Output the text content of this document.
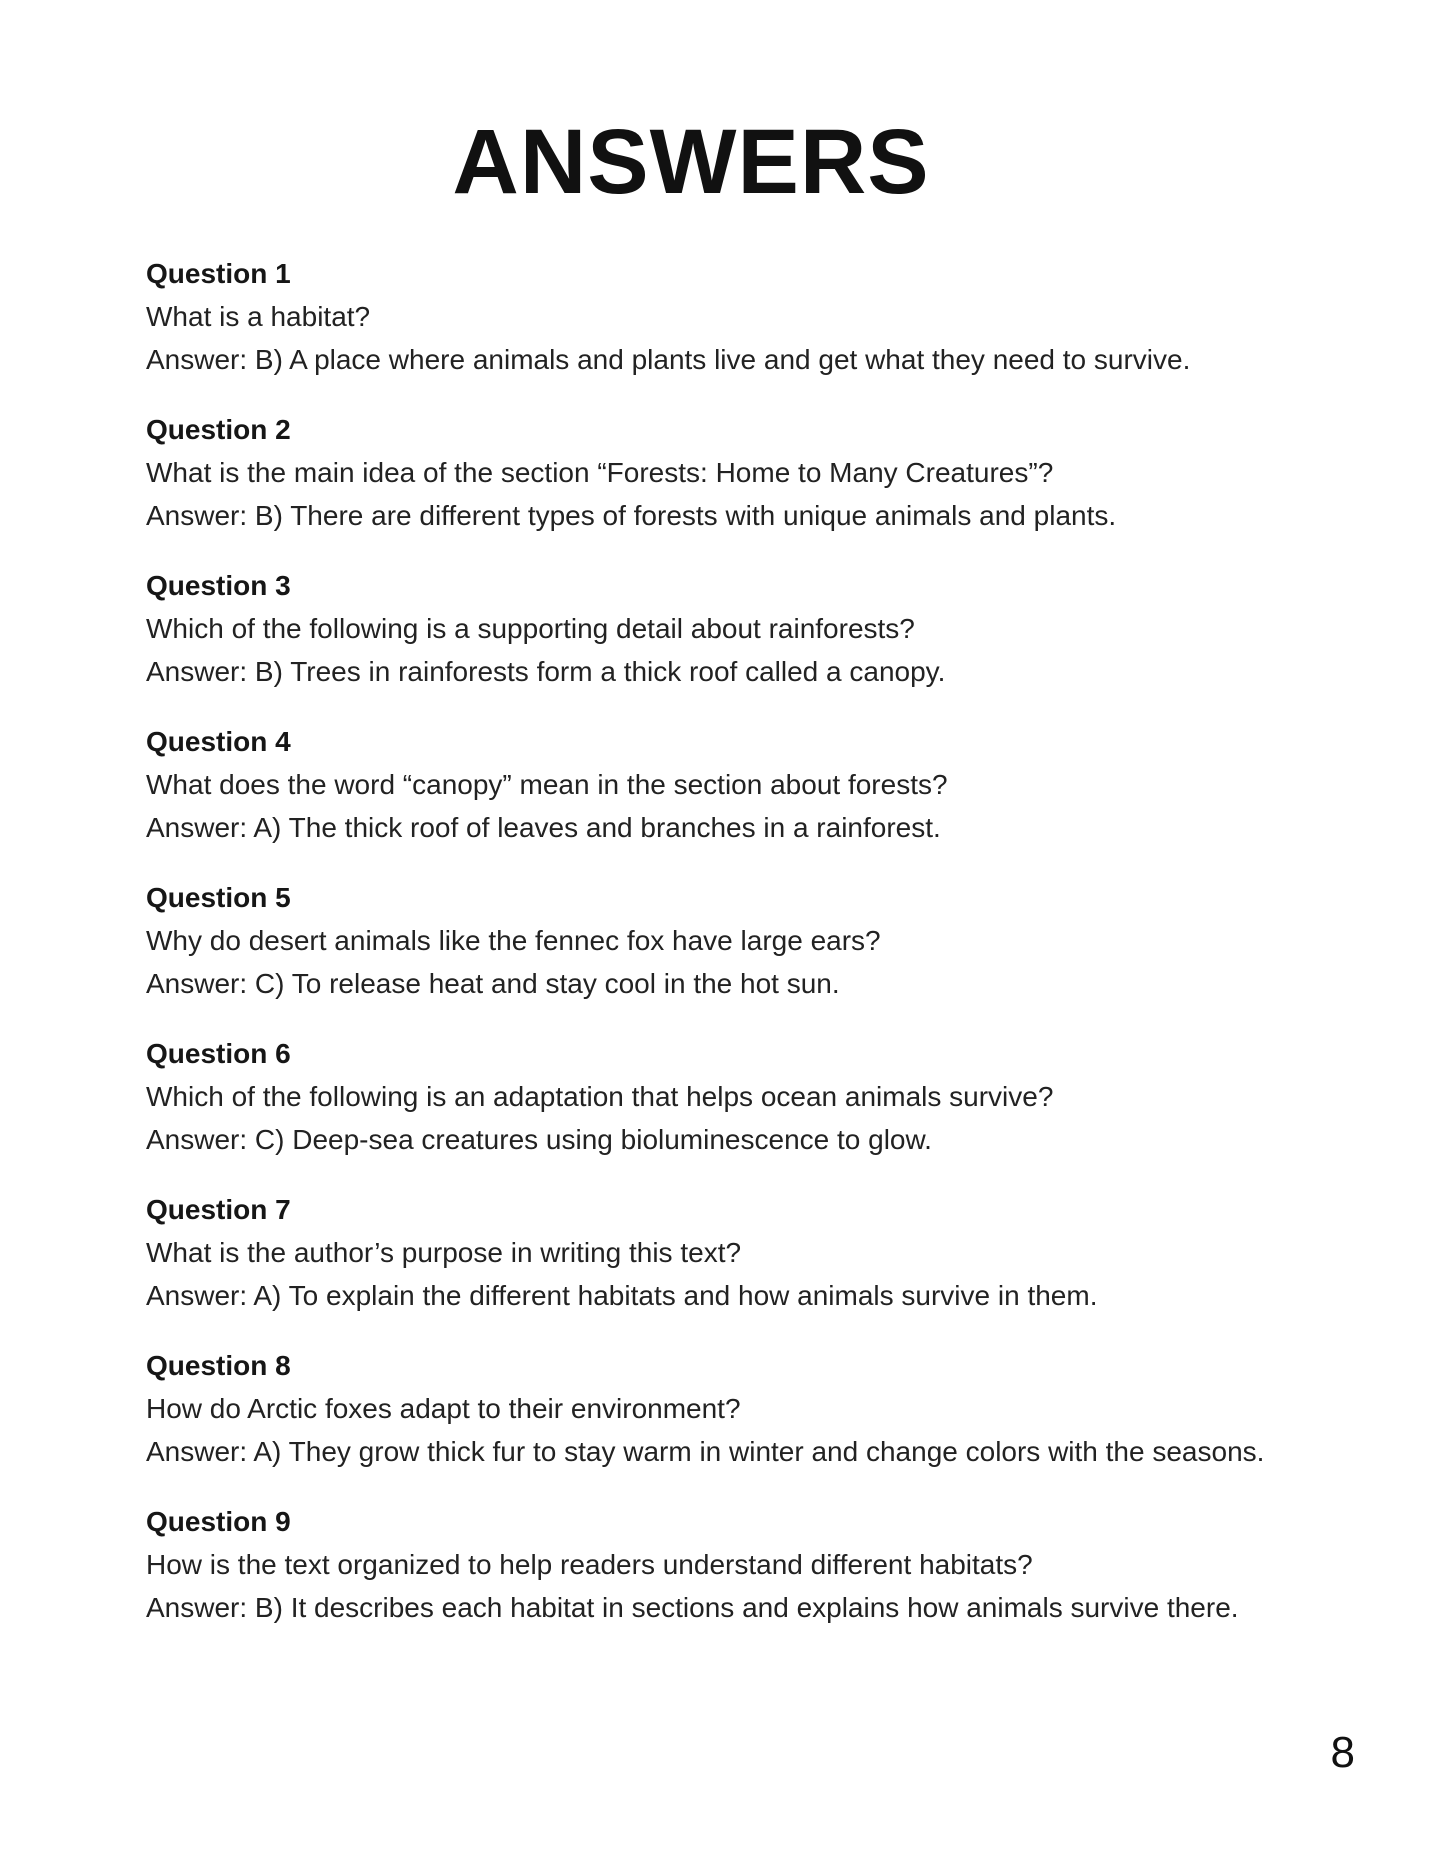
ANSWERS
Question 1
What is a habitat?
Answer: B) A place where animals and plants live and get what they need to survive.
Question 2
What is the main idea of the section “Forests: Home to Many Creatures”?
Answer: B) There are different types of forests with unique animals and plants.
Question 3
Which of the following is a supporting detail about rainforests?
Answer: B) Trees in rainforests form a thick roof called a canopy.
Question 4
What does the word “canopy” mean in the section about forests?
Answer: A) The thick roof of leaves and branches in a rainforest.
Question 5
Why do desert animals like the fennec fox have large ears?
Answer: C) To release heat and stay cool in the hot sun.
Question 6
Which of the following is an adaptation that helps ocean animals survive?
Answer: C) Deep-sea creatures using bioluminescence to glow.
Question 7
What is the author’s purpose in writing this text?
Answer: A) To explain the different habitats and how animals survive in them.
Question 8
How do Arctic foxes adapt to their environment?
Answer: A) They grow thick fur to stay warm in winter and change colors with the seasons.
Question 9
How is the text organized to help readers understand different habitats?
Answer: B) It describes each habitat in sections and explains how animals survive there.
8
